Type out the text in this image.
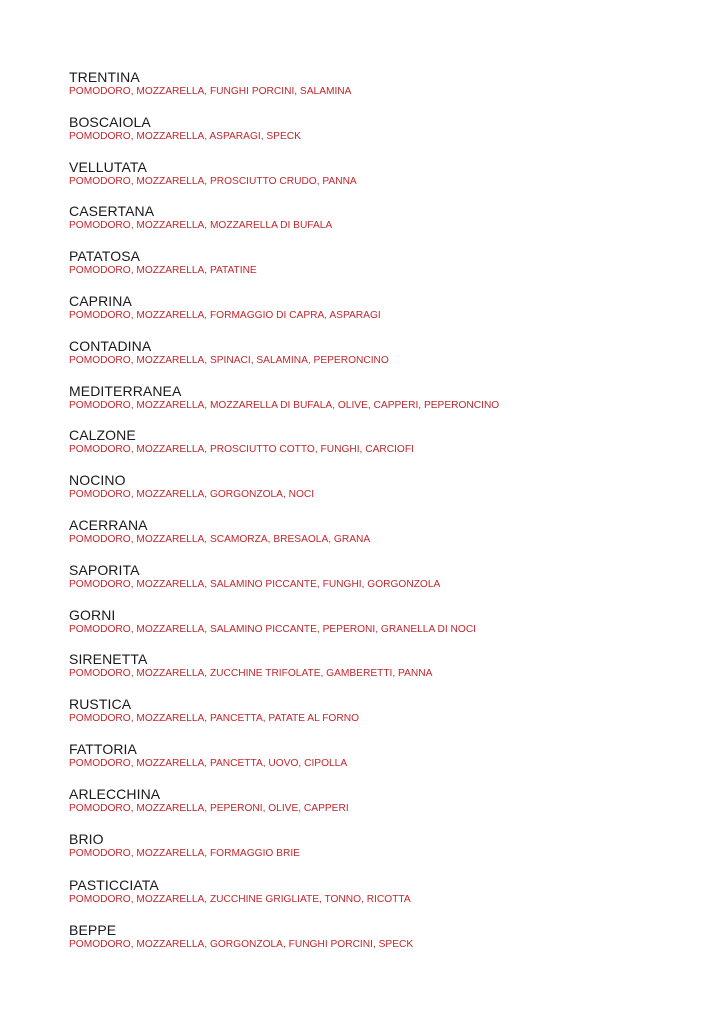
TRENTINA
POMODORO, MOZZARELLA, FUNGHI PORCINI, SALAMINA
BOSCAIOLA
POMODORO, MOZZARELLA, ASPARAGI, SPECK
VELLUTATA
POMODORO, MOZZARELLA, PROSCIUTTO CRUDO, PANNA
CASERTANA
POMODORO, MOZZARELLA, MOZZARELLA DI BUFALA
PATATOSA
POMODORO, MOZZARELLA, PATATINE
CAPRINA
POMODORO, MOZZARELLA, FORMAGGIO DI CAPRA, ASPARAGI
CONTADINA
POMODORO, MOZZARELLA, SPINACI, SALAMINA, PEPERONCINO
MEDITERRANEA
POMODORO, MOZZARELLA, MOZZARELLA DI BUFALA, OLIVE, CAPPERI, PEPERONCINO
CALZONE
POMODORO, MOZZARELLA, PROSCIUTTO COTTO, FUNGHI, CARCIOFI
NOCINO
POMODORO, MOZZARELLA, GORGONZOLA, NOCI
ACERRANA
POMODORO, MOZZARELLA, SCAMORZA, BRESAOLA, GRANA
SAPORITA
POMODORO, MOZZARELLA, SALAMINO PICCANTE, FUNGHI, GORGONZOLA
GORNI
POMODORO, MOZZARELLA, SALAMINO PICCANTE, PEPERONI, GRANELLA DI NOCI
SIRENETTA
POMODORO, MOZZARELLA, ZUCCHINE TRIFOLATE, GAMBERETTI, PANNA
RUSTICA
POMODORO, MOZZARELLA, PANCETTA, PATATE AL FORNO
FATTORIA
POMODORO, MOZZARELLA, PANCETTA, UOVO, CIPOLLA
ARLECCHINA
POMODORO, MOZZARELLA, PEPERONI, OLIVE, CAPPERI
BRIO
POMODORO, MOZZARELLA, FORMAGGIO BRIE
PASTICCIATA
POMODORO, MOZZARELLA, ZUCCHINE GRIGLIATE, TONNO, RICOTTA
BEPPE
POMODORO, MOZZARELLA, GORGONZOLA, FUNGHI PORCINI, SPECK
